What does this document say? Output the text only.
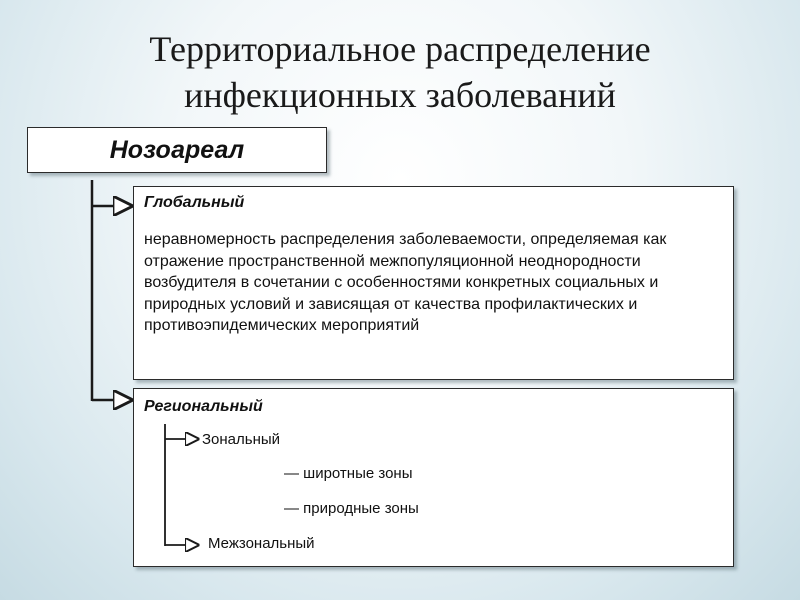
Территориальное распределение
инфекционных заболеваний
Нозоареал
Глобальный
неравномерность распределения заболеваемости, определяемая как отражение пространственной межпопуляционной неоднородности возбудителя в сочетании с особенностями конкретных социальных и природных условий и зависящая от качества профилактических и противоэпидемических мероприятий
Региональный
Зональный
— широтные зоны
— природные зоны
Межзональный
